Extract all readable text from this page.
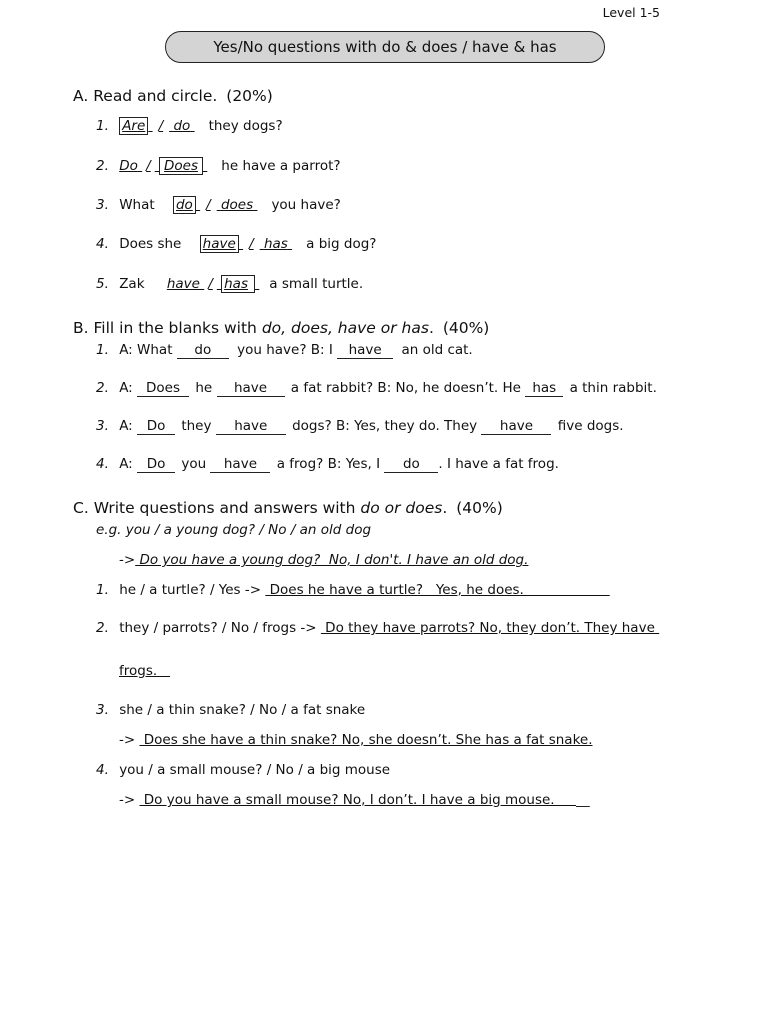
Level 1-5
Yes/No questions with do & does / have & has
A. Read and circle. (20%)
1. Are / do they dogs?
2. Do / Does he have a parrot?
3. What do / does you have?
4. Does she have / has a big dog?
5. Zak have / has a small turtle.
B. Fill in the blanks with do, does, have or has. (40%)
1. A: What do you have? B: I have an old cat.
2. A: Does he have a fat rabbit? B: No, he doesn’t. He has a thin rabbit.
3. A: Do they have dogs? B: Yes, they do. They have five dogs.
4. A: Do you have a frog? B: Yes, I do . I have a fat frog.
C. Write questions and answers with do or does. (40%)
e.g. you / a young dog? / No / an old dog
-> Do you have a young dog?  No, I don't. I have an old dog.
1. he / a turtle? / Yes ->  Does he have a turtle?   Yes, he does.
2. they / parrots? / No / frogs ->  Do they have parrots? No, they don’t. They have
frogs.
3. she / a thin snake? / No / a fat snake
->  Does she have a thin snake? No, she doesn’t. She has a fat snake.
4. you / a small mouse? / No / a big mouse
->  Do you have a small mouse? No, I don’t. I have a big mouse.     __
